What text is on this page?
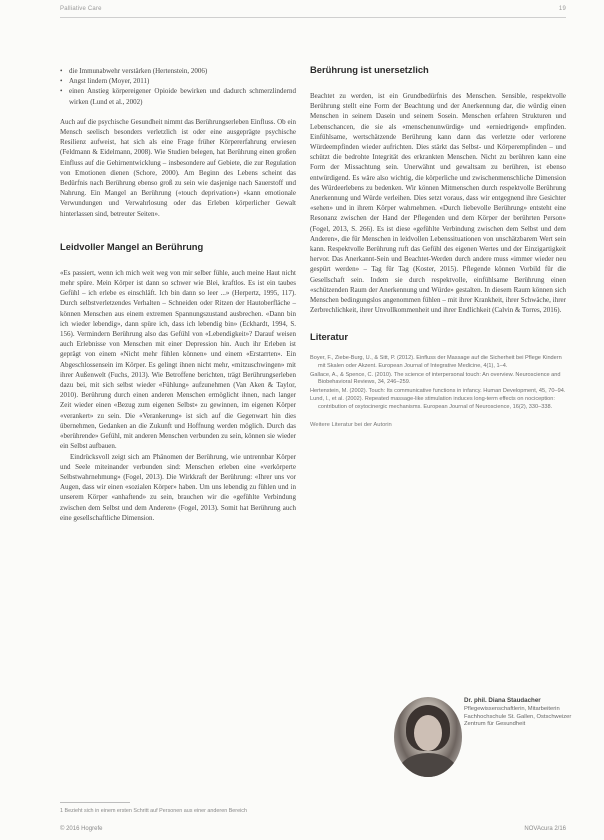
Palliative Care	19
• die Immunabwehr verstärken (Hertenstein, 2006)
• Angst lindern (Moyer, 2011)
• einen Anstieg körpereigener Opioide bewirken und dadurch schmerzlindernd wirken (Lund et al., 2002)

Auch auf die psychische Gesundheit nimmt das Berührungserleben Einfluss. Ob ein Mensch seelisch besonders verletzlich ist oder eine ausgeprägte psychische Resilienz aufweist, hat sich als eine Frage früher Körpererfahrung erwiesen (Feldmann & Eidelmann, 2008). Wie Studien belegen, hat Berührung einen großen Einfluss auf die Gehirnentwicklung – insbesondere auf Gebiete, die zur Regulation von Emotionen dienen (Schore, 2000). Am Beginn des Lebens scheint das Bedürfnis nach Berührung ebenso groß zu sein wie dasjenige nach Sauerstoff und Nahrung. Ein Mangel an Berührung («touch deprivation») «kann emotionale Verwundungen und Verwahrlosung oder das Erleben körperlicher Gewalt hinterlassen sind, betreuter Seiten».

Leidvoller Mangel an Berührung

«Es passiert, wenn ich mich weit weg von mir selber fühle, auch meine Haut nicht mehr spüre. Mein Körper ist dann so schwer wie Blei, kraftlos. Es ist ein taubes Gefühl – ich erlebe es einschläft. Ich bin dann so leer ...» (Herpertz, 1995, 117). Durch selbstverletzendes Verhalten – Schneiden oder Ritzen der Hautoberfläche – können Menschen aus einem extremen Spannungszustand ausbrechen. «Dann bin ich wieder lebendig», dann spüre ich, dass ich lebendig bin» (Eckhardt, 1994, S. 156). Vermindern Berührung also das Gefühl von «Lebendigkeit»? Darauf weisen auch Erlebnisse von Menschen mit einer Depression hin. Auch ihr Erleben ist geprägt von einem «Nicht mehr fühlen können» und einem «Erstarrten». Ein Abgeschlossensein im Körper. Es gelingt ihnen nicht mehr, «mitzuschwingen» mit ihrer Außenwelt (Fuchs, 2013). Wie Betroffene berichten, trägt Berührungserleben dazu bei, mit sich selbst wieder «Fühlung» aufzunehmen (Van Aken & Taylor, 2010). Berührung durch einen anderen Menschen ermöglicht ihnen, nach langer Zeit wieder einen «Bezug zum eigenen Selbst» zu gewinnen, im eigenen Körper «verankert» zu sein. Die «Verankerung» ist sich auf die Gegenwart hin dies übernehmen, Gedanken an die Zukunft und Hoffnung werden möglich. Durch das «berührende» Gefühl, mit anderen Menschen verbunden zu sein, können sie wieder ein Selbst aufbauen.

Eindrücksvoll zeigt sich am Phänomen der Berührung, wie untrennbar Körper und Seele miteinander verbunden sind: Menschen erleben eine «verkörperte Selbstwahrnehmung» (Fogel, 2013). Die Wirkkraft der Berührung: «Ihrer uns vor Augen, dass wir einen «sozialen Körper» haben. Um uns lebendig zu fühlen und in unserem Körper «anhaftend» zu sein, brauchen wir die «gefühlte Verbindung zwischen dem Selbst und dem Anderen» (Fogel, 2013). Somit hat Berührung auch eine gesellschaftliche Dimension.

Berührung ist unersetzlich

Beachtet zu werden, ist ein Grundbedürfnis des Menschen. Sensible, respektvolle Berührung stellt eine Form der Beachtung und der Anerkennung dar, die würdig einen Menschen in seinem Dasein und seinem Sosein. Menschen erfahren Strukturen und Lebenschancen, die sie als «menschenunwürdig» und «erniedrigend» empfinden. Einfühlsame, wertschätzende Berührung kann dann das verletzte oder verlorene Würdeempfinden wieder aufrichten. Dies stärkt das Selbst- und Körperempfinden – und schützt die bedrohte Integrität des erkrankten Menschen. Nicht zu berühren kann eine Form der Missachtung sein. Unerwähnt und gewaltsam zu berühren, ist ebenso entwürdigend. Es wäre also wichtig, die körperliche und zwischenmenschliche Dimension des Würdeerlebens zu bedenken. Wir können Mitmenschen durch respektvolle Berührung Anerkennung und Würde verleihen. Dies setzt voraus, dass wir entgegnend ihre Gesichter «sehen» und in ihrem Körper wahrnehmen. «Durch liebevolle Berührung» entsteht eine Resonanz zwischen der Hand der Pflegenden und dem Körper der berührten Person» (Fogel, 2013, S. 266). Es ist diese «gefühlte Verbindung zwischen dem Selbst und dem Anderen», die für Menschen in leidvollen Lebenssituationen von unschätzbarem Wert sein kann. Respektvolle Berührung ruft das Gefühl des eigenen Wertes und der Einzigartigkeit hervor. Das Anerkannt-Sein und Beachtet-Werden durch andere muss «immer wieder neu gespürt werden» – Tag für Tag (Koster, 2015). Pflegende können Vorbild für die Gesellschaft sein. Indem sie durch respektvolle, einfühlsame Berührung einen «schützenden Raum der Anerkennung und Würde» gestalten. In diesem Raum können sich Menschen bedingungslos angenommen fühlen – mit ihrer Krankheit, ihrer Schwäche, ihrer Zerbrechlichkeit, ihrer Unvollkommenheit und ihrer Endlichkeit (Calvin & Torres, 2016).

Literatur
Boyer, F., Ziebe-Burg, U., & Sitt, P. (2012). Einfluss der Massage auf die Sicherheit bei Pflege Kindern mit Skalen oder Akzent. European Journal of Integrative Medicine, 4(1), 1–4.
Gallace, A., & Spence, C. (2010). The science of interpersonal touch: An overview. Neuroscience and Biobehavioral Reviews, 34, 246–259.
Hertenstein, M. (2002). Touch: Its communicative functions in infancy. Human Development, 45, 70–94.
Lund, I., et al. (2002). Repeated massage-like stimulation induces long-term effects on nociception: contribution of oxytocinergic mechanisms. European Journal of Neuroscience, 16(2), 330–338.
Weitere Literatur bei der Autorin
Dr. phil. Diana Staudacher Pflegewissenschaftlerin, Mitarbeiterin Fachhochschule St. Gallen, Ostschweizer Zentrum für Gesundheit
1 Bezieht sich in einem ersten Schritt auf Personen aus einer anderen Bereich
© 2016 Hogrefe	NOVAcura 2/16
